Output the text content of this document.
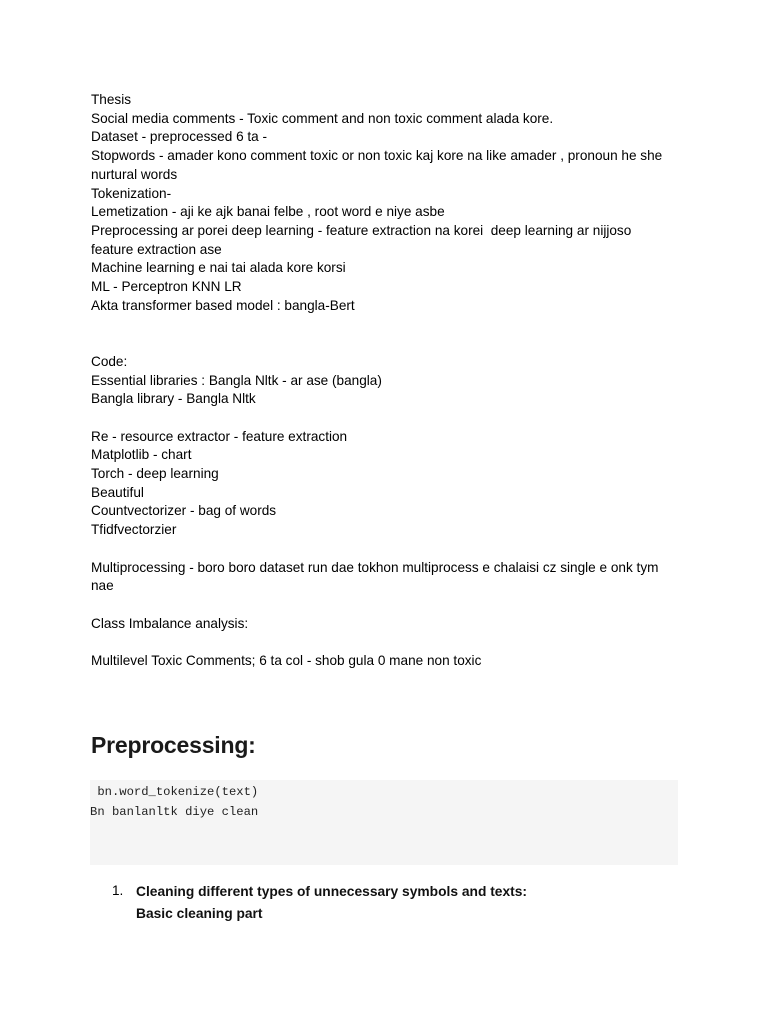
Thesis

Social media comments - Toxic comment and non toxic comment alada kore.

Dataset - preprocessed 6 ta -

Stopwords - amader kono comment toxic or non toxic kaj kore na like amader , pronoun he she

nurtural words

Tokenization-

Lemetization - aji ke ajk banai felbe , root word e niye asbe

Preprocessing ar porei deep learning - feature extraction na korei  deep learning ar nijjoso

feature extraction ase

Machine learning e nai tai alada kore korsi

ML - Perceptron KNN LR

Akta transformer based model : bangla-Bert

Code:

Essential libraries : Bangla Nltk - ar ase (bangla)

Bangla library - Bangla Nltk

Re - resource extractor - feature extraction

Matplotlib - chart

Torch - deep learning

Beautiful

Countvectorizer - bag of words

Tfidfvectorzier

Multiprocessing - boro boro dataset run dae tokhon multiprocess e chalaisi cz single e onk tym

nae

Class Imbalance analysis:

Multilevel Toxic Comments; 6 ta col - shob gula 0 mane non toxic

Preprocessing:

bn.word_tokenize(text)

Bn banlanltk diye clean

1. Cleaning different types of unnecessary symbols and texts:
Basic cleaning part
